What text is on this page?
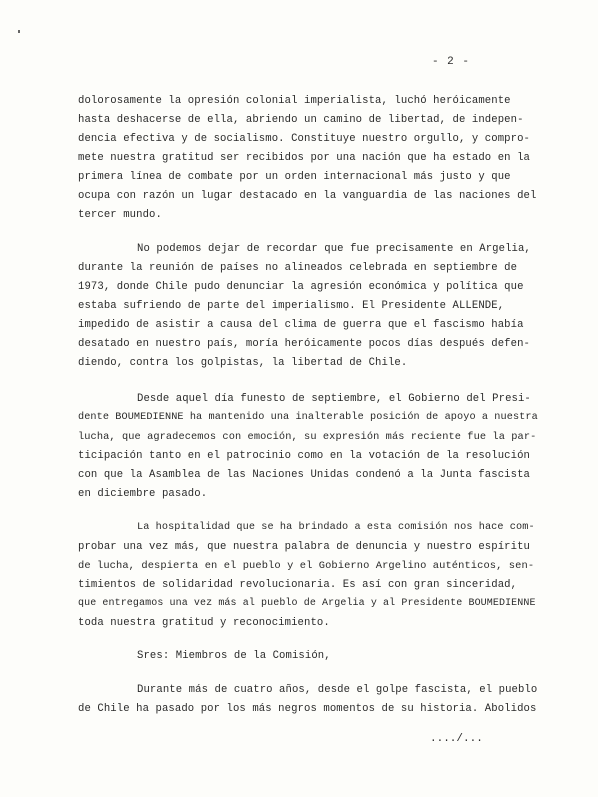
- 2 -
dolorosamente la opresión colonial imperialista, luchó heróicamente
hasta deshacerse de ella, abriendo un camino de libertad, de indepen-
dencia efectiva y de socialismo. Constituye nuestro orgullo, y compro-
mete nuestra gratitud ser recibidos por una nación que ha estado en la
primera línea de combate por un orden internacional más justo y que
ocupa con razón un lugar destacado en la vanguardia de las naciones del
tercer mundo.
No podemos dejar de recordar que fue precisamente en Argelia,
durante la reunión de países no alineados celebrada en septiembre de
1973, donde Chile pudo denunciar la agresión económica y política que
estaba sufriendo de parte del imperialismo. El Presidente ALLENDE,
impedido de asistir a causa del clima de guerra que el fascismo había
desatado en nuestro país, moría heróicamente pocos días después defen-
diendo, contra los golpistas, la libertad de Chile.
Desde aquel día funesto de septiembre, el Gobierno del Presi-
dente BOUMEDIENNE ha mantenido una inalterable posición de apoyo a nuestra
lucha, que agradecemos con emoción, su expresión más reciente fue la par-
ticipación tanto en el patrocinio como en la votación de la resolución
con que la Asamblea de las Naciones Unidas condenó a la Junta fascista
en diciembre pasado.
La hospitalidad que se ha brindado a esta comisión nos hace com-
probar una vez más, que nuestra palabra de denuncia y nuestro espíritu
de lucha, despierta en el pueblo y el Gobierno Argelino auténticos, sen-
timientos de solidaridad revolucionaria. Es así con gran sinceridad,
que entregamos una vez más al pueblo de Argelia y al Presidente BOUMEDIENNE
toda nuestra gratitud y reconocimiento.
Sres: Miembros de la Comisión,
Durante más de cuatro años, desde el golpe fascista, el pueblo
de Chile ha pasado por los más negros momentos de su historia. Abolidos
..../...
